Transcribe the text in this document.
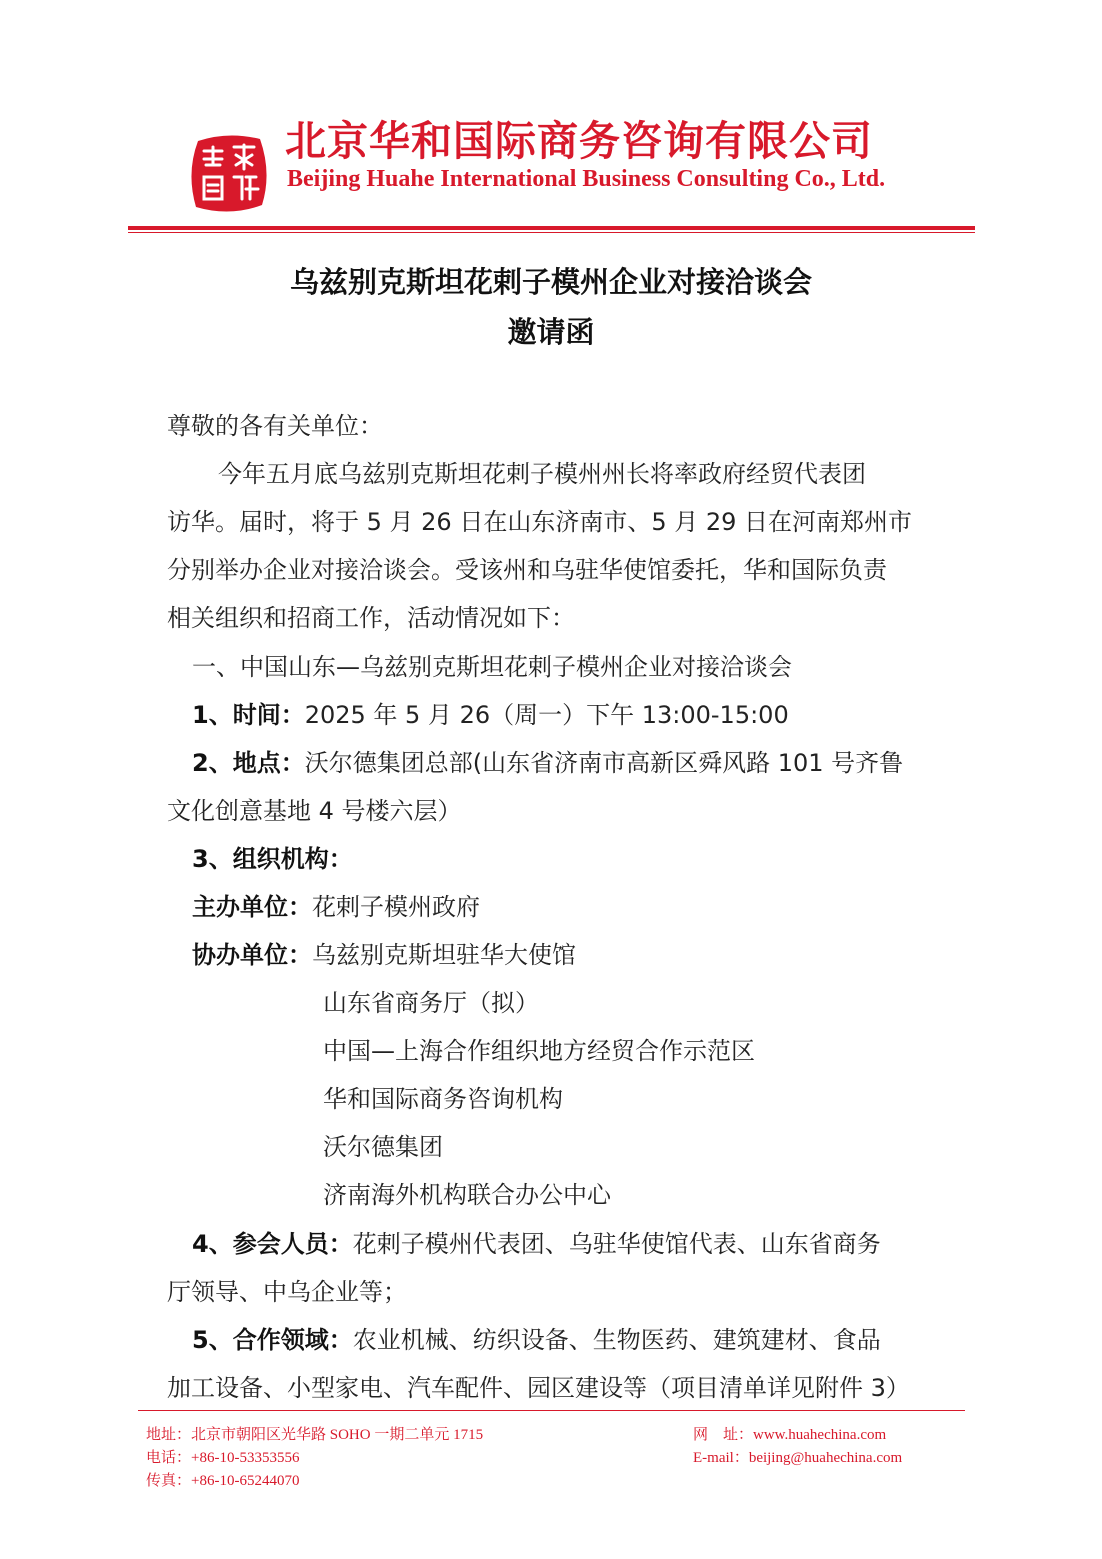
北京华和国际商务咨询有限公司
Beijing Huahe International Business Consulting Co., Ltd.
乌兹别克斯坦花剌子模州企业对接洽谈会
邀请函
尊敬的各有关单位：
今年五月底乌兹别克斯坦花剌子模州州长将率政府经贸代表团
访华。届时，将于 5 月 26 日在山东济南市、5 月 29 日在河南郑州市
分别举办企业对接洽谈会。受该州和乌驻华使馆委托，华和国际负责
相关组织和招商工作，活动情况如下：
一、中国山东—乌兹别克斯坦花剌子模州企业对接洽谈会
1、时间：2025 年 5 月 26（周一）下午 13:00-15:00
2、地点：沃尔德集团总部(山东省济南市高新区舜风路 101 号齐鲁
文化创意基地 4 号楼六层）
3、组织机构：
主办单位：花剌子模州政府
协办单位：乌兹别克斯坦驻华大使馆
山东省商务厅（拟）
中国—上海合作组织地方经贸合作示范区
华和国际商务咨询机构
沃尔德集团
济南海外机构联合办公中心
4、参会人员：花剌子模州代表团、乌驻华使馆代表、山东省商务
厅领导、中乌企业等；
5、合作领域：农业机械、纺织设备、生物医药、建筑建材、食品
加工设备、小型家电、汽车配件、园区建设等（项目清单详见附件 3）
地址：北京市朝阳区光华路 SOHO 一期二单元 1715
电话：+86-10-53353556
传真：+86-10-65244070
网　址：www.huahechina.com
E-mail：beijing@huahechina.com
